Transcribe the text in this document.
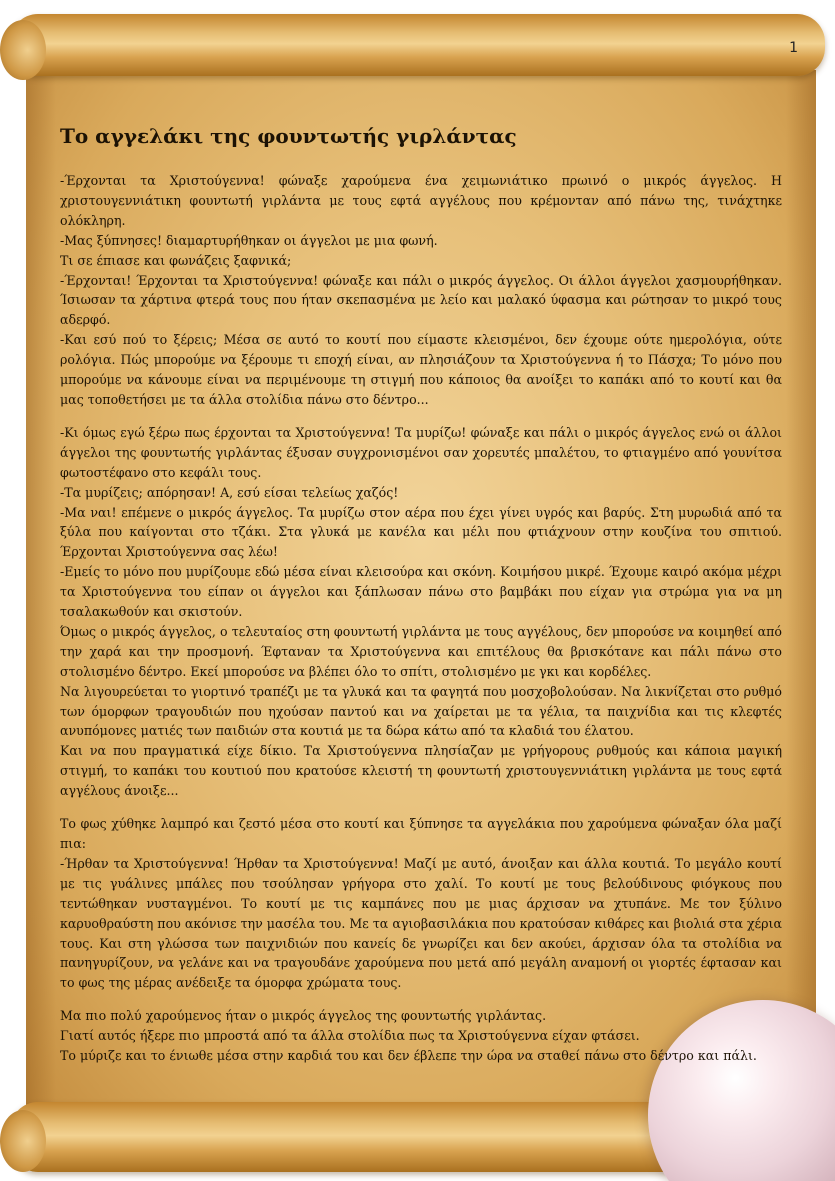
1
Το αγγελάκι της φουντωτής γιρλάντας

-Έρχονται τα Χριστούγεννα! φώναξε χαρούμενα ένα χειμωνιάτικο πρωινό ο μικρός άγγελος. Η χριστουγεννιάτικη φουντωτή γιρλάντα με τους εφτά αγγέλους που κρέμονταν από πάνω της, τινάχτηκε ολόκληρη.

-Μας ξύπνησες! διαμαρτυρήθηκαν οι άγγελοι με μια φωνή.

Τι σε έπιασε και φωνάζεις ξαφνικά;

-Έρχονται! Έρχονται τα Χριστούγεννα! φώναξε και πάλι ο μικρός άγγελος. Οι άλλοι άγγελοι χασμουρήθηκαν. Ίσιωσαν τα χάρτινα φτερά τους που ήταν σκεπασμένα με λείο και μαλακό ύφασμα και ρώτησαν το μικρό τους αδερφό.

-Και εσύ πού το ξέρεις; Μέσα σε αυτό το κουτί που είμαστε κλεισμένοι, δεν έχουμε ούτε ημερολόγια, ούτε ρολόγια. Πώς μπορούμε να ξέρουμε τι εποχή είναι, αν πλησιάζουν τα Χριστούγεννα ή το Πάσχα; Το μόνο που μπορούμε να κάνουμε είναι να περιμένουμε τη στιγμή που κάποιος θα ανοίξει το καπάκι από το κουτί και θα μας τοποθετήσει με τα άλλα στολίδια πάνω στο δέντρο...

-Κι όμως εγώ ξέρω πως έρχονται τα Χριστούγεννα! Τα μυρίζω! φώναξε και πάλι ο μικρός άγγελος ενώ οι άλλοι άγγελοι της φουντωτής γιρλάντας έξυσαν συγχρονισμένοι σαν χορευτές μπαλέτου, το φτιαγμένο από γουνίτσα φωτοστέφανο στο κεφάλι τους.

-Τα μυρίζεις; απόρησαν! Α, εσύ είσαι τελείως χαζός!

-Μα ναι! επέμενε ο μικρός άγγελος. Τα μυρίζω στον αέρα που έχει γίνει υγρός και βαρύς. Στη μυρωδιά από τα ξύλα που καίγονται στο τζάκι. Στα γλυκά με κανέλα και μέλι που φτιάχνουν στην κουζίνα του σπιτιού. Έρχονται Χριστούγεννα σας λέω!

-Εμείς το μόνο που μυρίζουμε εδώ μέσα είναι κλεισούρα και σκόνη. Κοιμήσου μικρέ. Έχουμε καιρό ακόμα μέχρι τα Χριστούγεννα του είπαν οι άγγελοι και ξάπλωσαν πάνω στο βαμβάκι που είχαν για στρώμα για να μη τσαλακωθούν και σκιστούν.

Όμως ο μικρός άγγελος, ο τελευταίος στη φουντωτή γιρλάντα με τους αγγέλους, δεν μπορούσε να κοιμηθεί από την χαρά και την προσμονή. Έφταναν τα Χριστούγεννα και επιτέλους θα βρισκότανε και πάλι πάνω στο στολισμένο δέντρο. Εκεί μπορούσε να βλέπει όλο το σπίτι, στολισμένο με γκι και κορδέλες.

Να λιγουρεύεται το γιορτινό τραπέζι με τα γλυκά και τα φαγητά που μοσχοβολούσαν. Να λικνίζεται στο ρυθμό των όμορφων τραγουδιών που ηχούσαν παντού και να χαίρεται με τα γέλια, τα παιχνίδια και τις κλεφτές ανυπόμονες ματιές των παιδιών στα κουτιά με τα δώρα κάτω από τα κλαδιά του έλατου.

Και να που πραγματικά είχε δίκιο. Τα Χριστούγεννα πλησίαζαν με γρήγορους ρυθμούς και κάποια μαγική στιγμή, το καπάκι του κουτιού που κρατούσε κλειστή τη φουντωτή χριστουγεννιάτικη γιρλάντα με τους εφτά αγγέλους άνοιξε...

Το φως χύθηκε λαμπρό και ζεστό μέσα στο κουτί και ξύπνησε τα αγγελάκια που χαρούμενα φώναξαν όλα μαζί πια:

-Ήρθαν τα Χριστούγεννα! Ήρθαν τα Χριστούγεννα! Μαζί με αυτό, άνοιξαν και άλλα κουτιά. Το μεγάλο κουτί με τις γυάλινες μπάλες που τσούλησαν γρήγορα στο χαλί. Το κουτί με τους βελούδινους φιόγκους που τεντώθηκαν νυσταγμένοι. Το κουτί με τις καμπάνες που με μιας άρχισαν να χτυπάνε. Με τον ξύλινο καρυοθραύστη που ακόνισε την μασέλα του. Με τα αγιοβασιλάκια που κρατούσαν κιθάρες και βιολιά στα χέρια τους. Και στη γλώσσα των παιχνιδιών που κανείς δε γνωρίζει και δεν ακούει, άρχισαν όλα τα στολίδια να πανηγυρίζουν, να γελάνε και να τραγουδάνε χαρούμενα που μετά από μεγάλη αναμονή οι γιορτές έφτασαν και το φως της μέρας ανέδειξε τα όμορφα χρώματα τους.

Μα πιο πολύ χαρούμενος ήταν ο μικρός άγγελος της φουντωτής γιρλάντας.

Γιατί αυτός ήξερε πιο μπροστά από τα άλλα στολίδια πως τα Χριστούγεννα είχαν φτάσει.

Το μύριζε και το ένιωθε μέσα στην καρδιά του και δεν έβλεπε την ώρα να σταθεί πάνω στο δέντρο και πάλι.
